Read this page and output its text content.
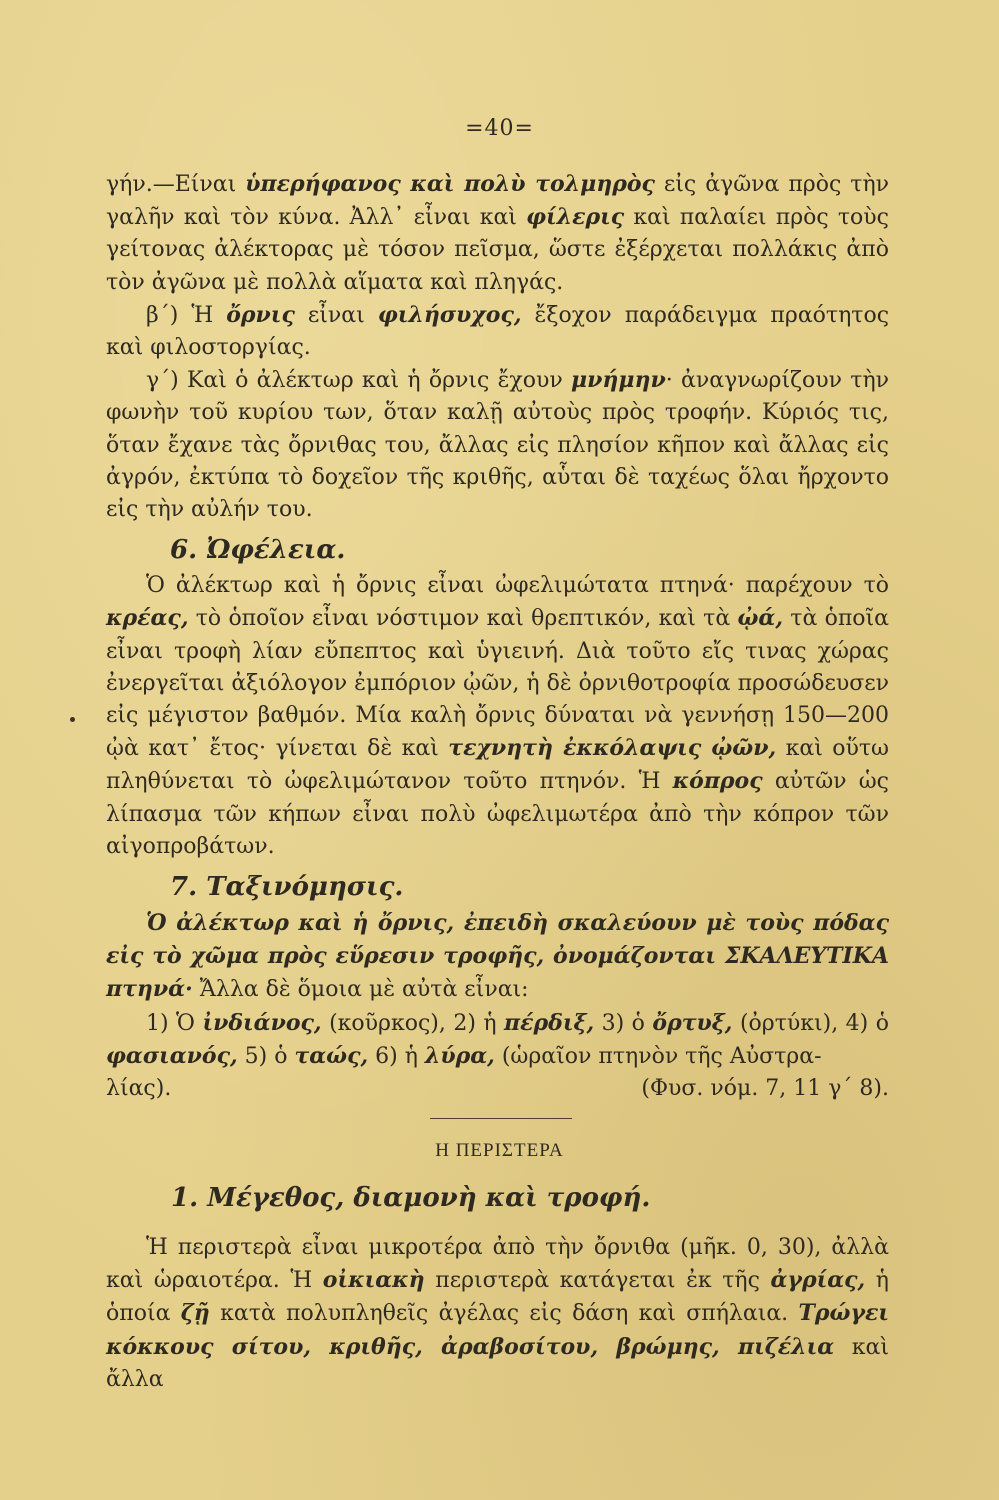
=40=

γήν.—Είναι ὑπερήφανος καὶ πολὺ τολμηρὸς εἰς ἀγῶνα πρὸς τὴν γαλῆν καὶ τὸν κύνα. Ἀλλ᾽ εἶναι καὶ φίλερις καὶ παλαίει πρὸς τοὺς γείτονας ἀλέκτορας μὲ τόσον πεῖσμα, ὥστε ἐξέρχεται πολλάκις ἀπὸ τὸν ἀγῶνα μὲ πολλὰ αἵματα καὶ πληγάς.

β΄) Ἡ ὄρνις εἶναι φιλήσυχος, ἔξοχον παράδειγμα πραότητος καὶ φιλοστοργίας.

γ΄) Καὶ ὁ ἀλέκτωρ καὶ ἡ ὄρνις ἔχουν μνήμην· ἀναγνωρίζουν τὴν φωνὴν τοῦ κυρίου των, ὅταν καλῇ αὐτοὺς πρὸς τροφήν. Κύριός τις, ὅταν ἔχανε τὰς ὄρνιθας του, ἄλλας εἰς πλησίον κῆπον καὶ ἄλλας εἰς ἀγρόν, ἐκτύπα τὸ δοχεῖον τῆς κριθῆς, αὗται δὲ ταχέως ὅλαι ἤρχοντο εἰς τὴν αὐλήν του.

6. Ὠφέλεια.

Ὁ ἀλέκτωρ καὶ ἡ ὄρνις εἶναι ὠφελιμώτατα πτηνά· παρέχουν τὸ κρέας, τὸ ὁποῖον εἶναι νόστιμον καὶ θρεπτικόν, καὶ τὰ ᾠά, τὰ ὁποῖα εἶναι τροφὴ λίαν εὔπεπτος καὶ ὑγιεινή. Διὰ τοῦτο εἴς τινας χώρας ἐνεργεῖται ἀξιόλογον ἐμπόριον ᾠῶν, ἡ δὲ ὀρνιθοτροφία προσώδευσεν εἰς μέγιστον βαθμόν. Μία καλὴ ὄρνις δύναται νὰ γεννήσῃ 150—200 ᾠὰ κατ᾽ ἔτος· γίνεται δὲ καὶ τεχνητὴ ἐκκόλαψις ᾠῶν, καὶ οὕτω πληθύνεται τὸ ὠφελιμώτανον τοῦτο πτηνόν. Ἡ κόπρος αὐτῶν ὡς λίπασμα τῶν κήπων εἶναι πολὺ ὠφελιμωτέρα ἀπὸ τὴν κόπρον τῶν αἰγοπροβάτων.

7. Ταξινόμησις.

Ὁ ἀλέκτωρ καὶ ἡ ὄρνις, ἐπειδὴ σκαλεύουν μὲ τοὺς πόδας εἰς τὸ χῶμα πρὸς εὕρεσιν τροφῆς, ὀνομάζονται ΣΚΑΛΕΥΤΙΚΑ πτηνά· Ἄλλα δὲ ὅμοια μὲ αὐτὰ εἶναι:

1) Ὁ ἰνδιάνος, (κοῦρκος), 2) ἡ πέρδιξ, 3) ὁ ὄρτυξ, (ὀρτύκι), 4) ὁ φασιανός, 5) ὁ ταώς, 6) ἡ λύρα, (ὡραῖον πτηνὸν τῆς Αὐστρα-

λίας).	(Φυσ. νόμ. 7, 11 γ΄ 8).
Η ΠΕΡΙΣΤΕΡΑ
1. Μέγεθος, διαμονὴ καὶ τροφή.

Ἡ περιστερὰ εἶναι μικροτέρα ἀπὸ τὴν ὄρνιθα (μῆκ. 0, 30), ἀλλὰ καὶ ὡραιοτέρα. Ἡ οἰκιακὴ περιστερὰ κατάγεται ἐκ τῆς ἀγρίας, ἡ ὁποία ζῇ κατὰ πολυπληθεῖς ἀγέλας εἰς δάση καὶ σπήλαια. Τρώγει κόκκους σίτου, κριθῆς, ἀραβοσίτου, βρώμης, πιζέλια καὶ ἄλλα
